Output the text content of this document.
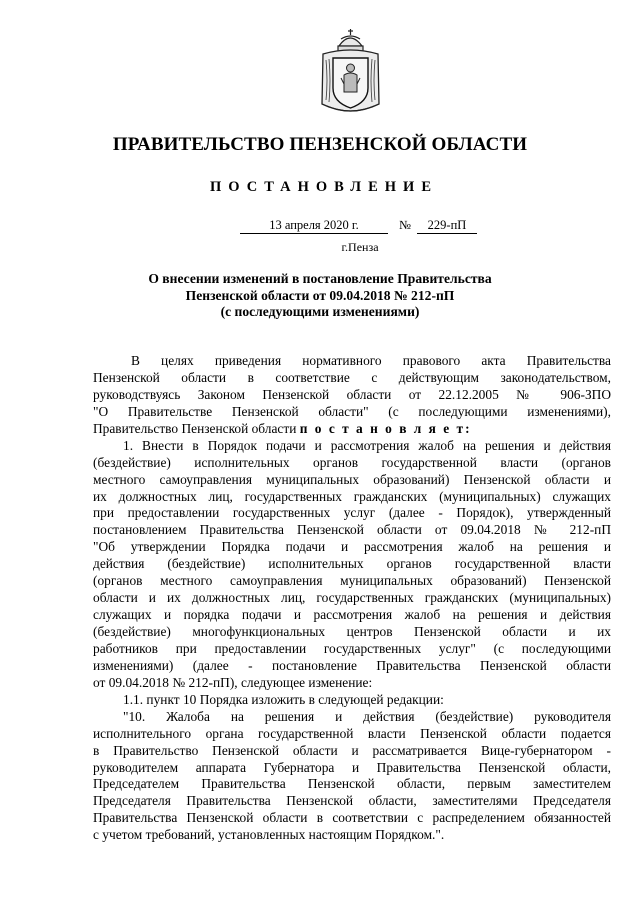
ПРАВИТЕЛЬСТВО ПЕНЗЕНСКОЙ ОБЛАСТИ
ПОСТАНОВЛЕНИЕ
13 апреля 2020 г.	№	229-пП
г.Пенза
О внесении изменений в постановление Правительства
Пензенской области от 09.04.2018 № 212-пП
(с последующими изменениями)
В целях приведения нормативного правового акта Правительства
Пензенской области в соответствие с действующим законодательством,
руководствуясь Законом Пензенской области от 22.12.2005 № 906-ЗПО
"О Правительстве Пензенской области" (с последующими изменениями),
Правительство Пензенской области п о с т а н о в л я е т:
1. Внести в Порядок подачи и рассмотрения жалоб на решения и действия
(бездействие) исполнительных органов государственной власти (органов
местного самоуправления муниципальных образований) Пензенской области и
их должностных лиц, государственных гражданских (муниципальных) служащих
при предоставлении государственных услуг (далее - Порядок), утвержденный
постановлением Правительства Пензенской области от 09.04.2018 № 212-пП
"Об утверждении Порядка подачи и рассмотрения жалоб на решения и
действия (бездействие) исполнительных органов государственной власти
(органов местного самоуправления муниципальных образований) Пензенской
области и их должностных лиц, государственных гражданских (муниципальных)
служащих и порядка подачи и рассмотрения жалоб на решения и действия
(бездействие) многофункциональных центров Пензенской области и их
работников при предоставлении государственных услуг" (с последующими
изменениями) (далее - постановление Правительства Пензенской области
от 09.04.2018 № 212-пП), следующее изменение:
1.1. пункт 10 Порядка изложить в следующей редакции:
"10. Жалоба на решения и действия (бездействие) руководителя
исполнительного органа государственной власти Пензенской области подается
в Правительство Пензенской области и рассматривается Вице-губернатором -
руководителем аппарата Губернатора и Правительства Пензенской области,
Председателем Правительства Пензенской области, первым заместителем
Председателя Правительства Пензенской области, заместителями Председателя
Правительства Пензенской области в соответствии с распределением обязанностей
с учетом требований, установленных настоящим Порядком.".
